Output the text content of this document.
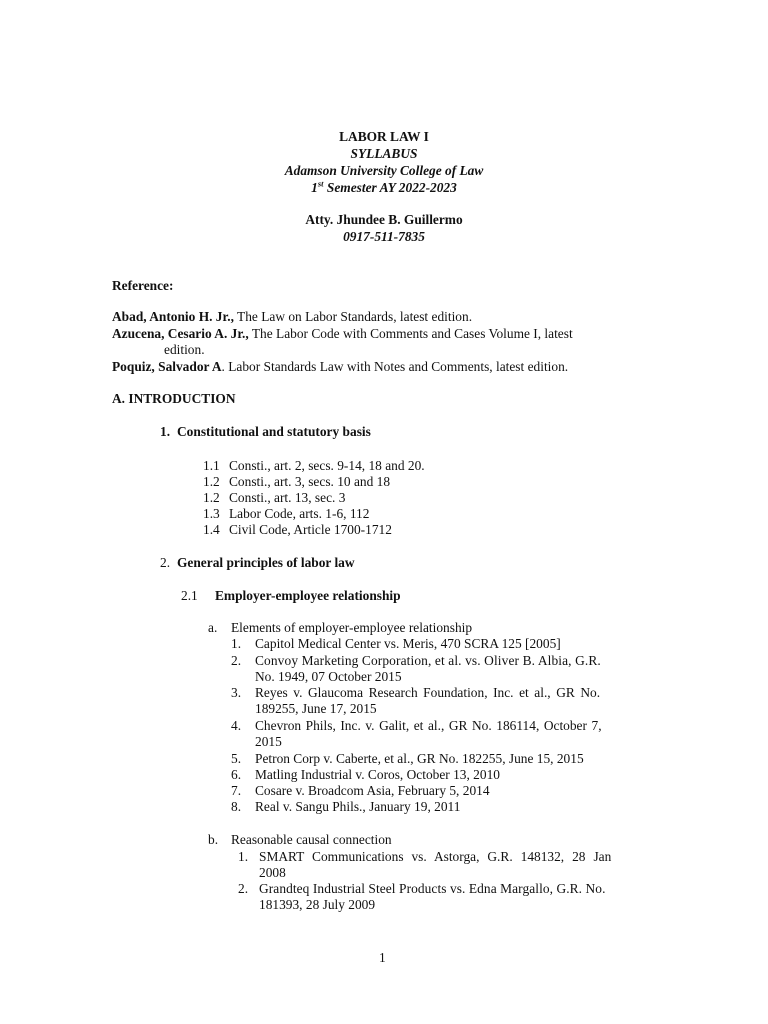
LABOR LAW I
SYLLABUS
Adamson University College of Law
1st Semester AY 2022-2023
Atty. Jhundee B. Guillermo
0917-511-7835
Reference:
Abad, Antonio H. Jr., The Law on Labor Standards, latest edition.
Azucena, Cesario A. Jr., The Labor Code with Comments and Cases Volume I, latest
edition.
Poquiz, Salvador A. Labor Standards Law with Notes and Comments, latest edition.
A. INTRODUCTION
1. Constitutional and statutory basis
1.1 Consti., art. 2, secs. 9-14, 18 and 20.
1.2 Consti., art. 3, secs. 10 and 18
1.2 Consti., art. 13, sec. 3
1.3 Labor Code, arts. 1-6, 112
1.4 Civil Code, Article 1700-1712
2. General principles of labor law
2.1 Employer-employee relationship
a. Elements of employer-employee relationship
1. Capitol Medical Center vs. Meris, 470 SCRA 125 [2005]
2. Convoy Marketing Corporation, et al. vs. Oliver B. Albia, G.R.
No. 1949, 07 October 2015
3. Reyes v. Glaucoma Research Foundation, Inc. et al., GR No.
189255, June 17, 2015
4. Chevron Phils, Inc. v. Galit, et al., GR No. 186114, October 7,
2015
5. Petron Corp v. Caberte, et al., GR No. 182255, June 15, 2015
6. Matling Industrial v. Coros, October 13, 2010
7. Cosare v. Broadcom Asia, February 5, 2014
8. Real v. Sangu Phils., January 19, 2011
b. Reasonable causal connection
1. SMART Communications vs. Astorga, G.R. 148132, 28 Jan
2008
2. Grandteq Industrial Steel Products vs. Edna Margallo, G.R. No.
181393, 28 July 2009
1
